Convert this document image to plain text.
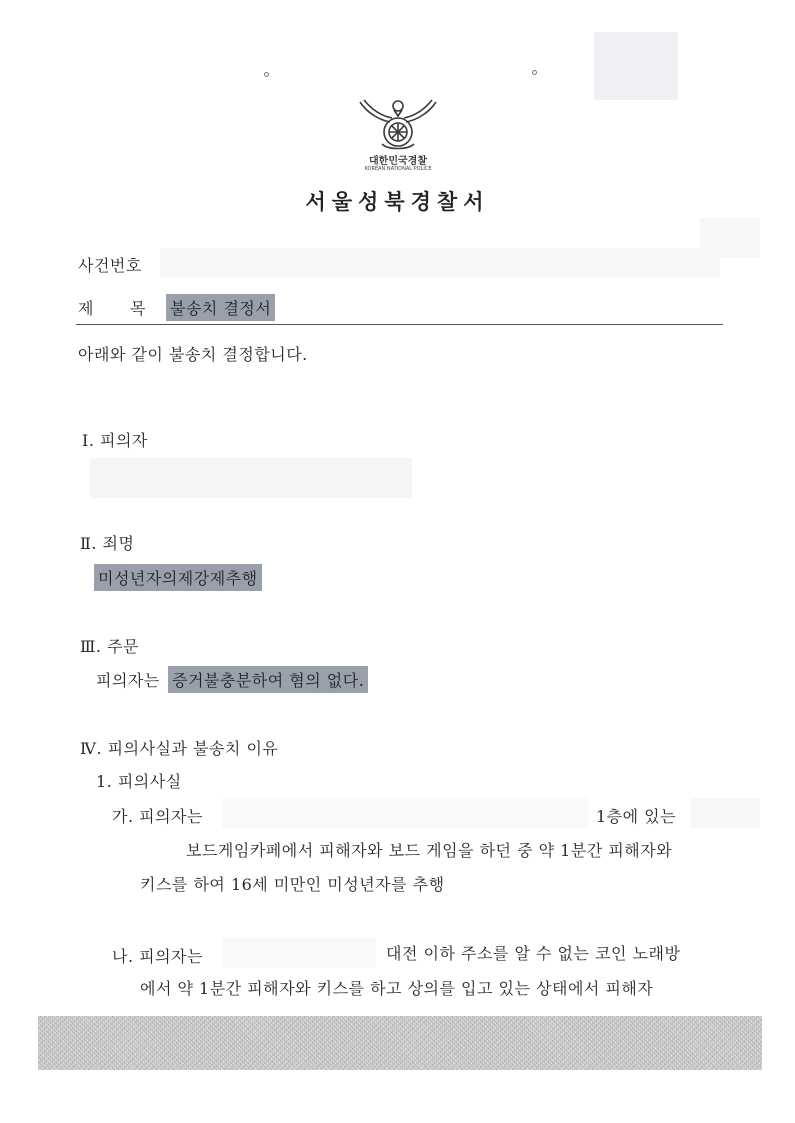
대한민국경찰
KOREAN NATIONAL POLICE
서울성북경찰서
사건번호
제 목 불송치 결정서
아래와 같이 불송치 결정합니다.
Ⅰ. 피의자
Ⅱ. 죄명
미성년자의제강제추행
Ⅲ. 주문
피의자는 증거불충분하여 혐의 없다.
Ⅳ. 피의사실과 불송치 이유
1. 피의사실
가. 피의자는	1층에 있는
보드게임카페에서 피해자와 보드 게임을 하던 중 약 1분간 피해자와
키스를 하여 16세 미만인 미성년자를 추행
나. 피의자는	대전 이하 주소를 알 수 없는 코인 노래방
에서 약 1분간 피해자와 키스를 하고 상의를 입고 있는 상태에서 피해자
